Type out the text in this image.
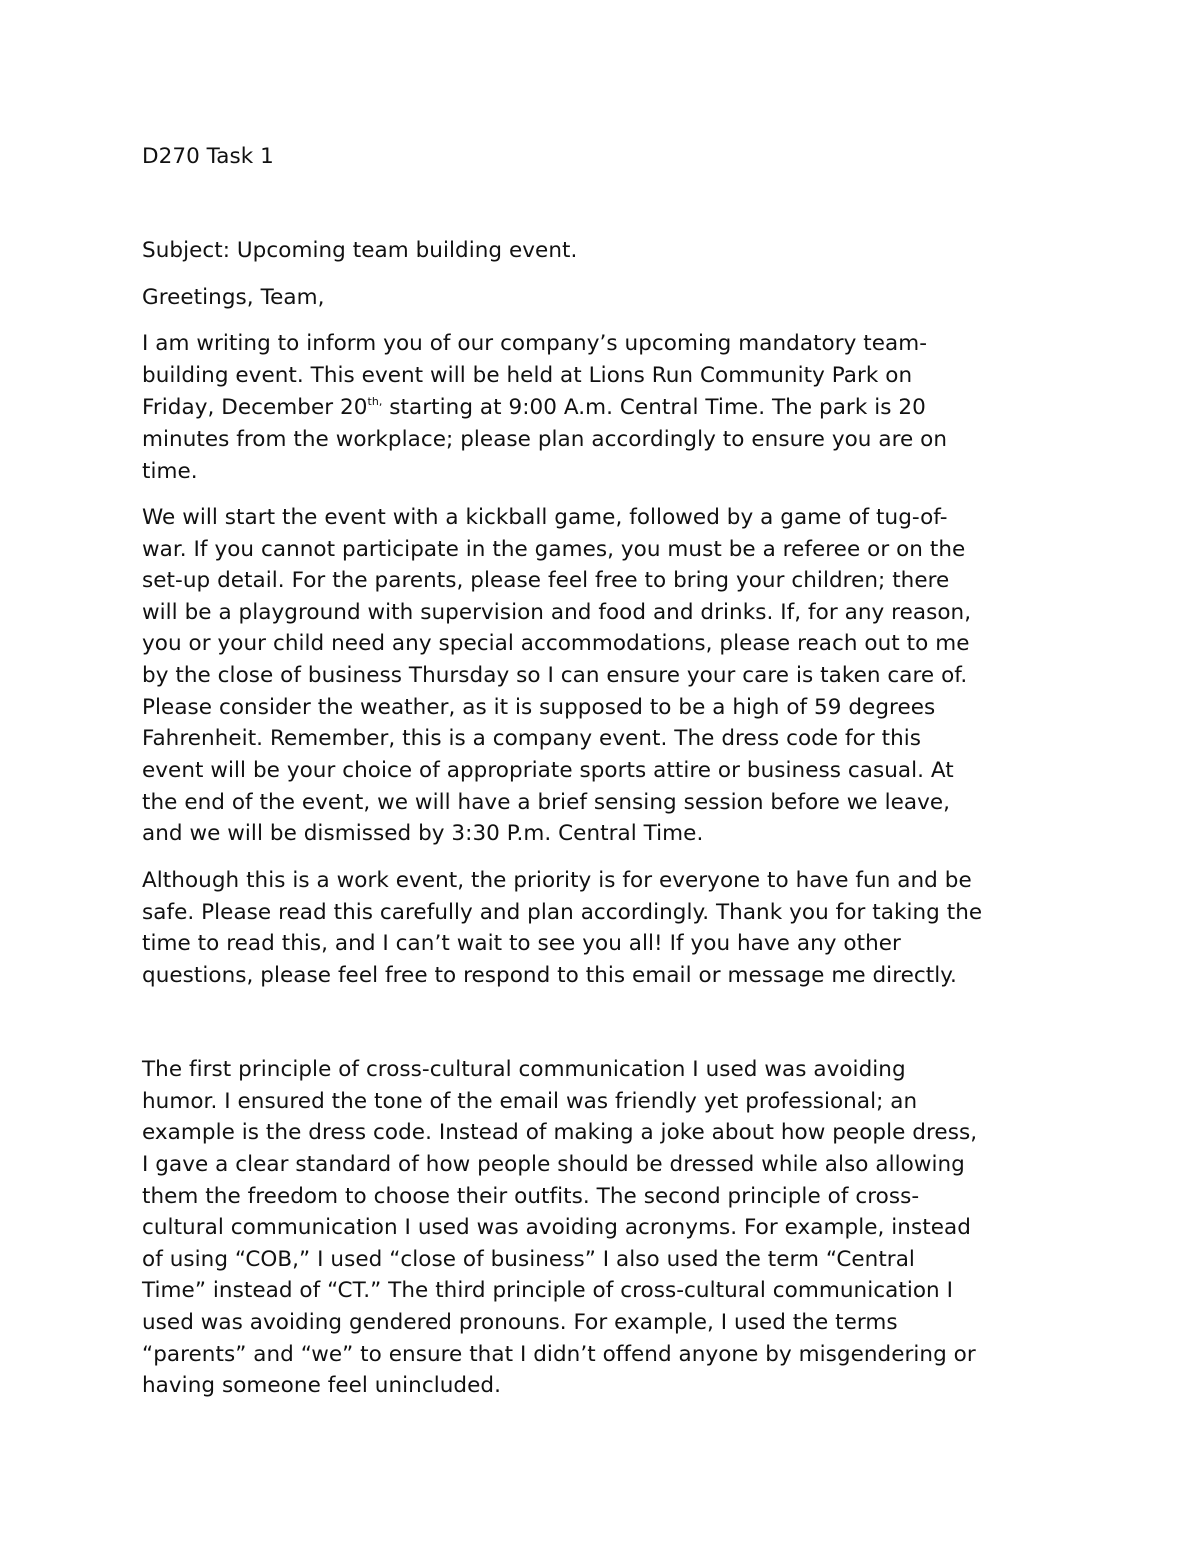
D270 Task 1
Subject: Upcoming team building event.
Greetings, Team,
I am writing to inform you of our company’s upcoming mandatory team-
building event. This event will be held at Lions Run Community Park on
Friday, December $20^{th,}$ starting at 9:00 A.m. Central Time. The park is 20
minutes from the workplace; please plan accordingly to ensure you are on
time.
We will start the event with a kickball game, followed by a game of tug-of-
war. If you cannot participate in the games, you must be a referee or on the
set-up detail. For the parents, please feel free to bring your children; there
will be a playground with supervision and food and drinks. If, for any reason,
you or your child need any special accommodations, please reach out to me
by the close of business Thursday so I can ensure your care is taken care of.
Please consider the weather, as it is supposed to be a high of 59 degrees
Fahrenheit. Remember, this is a company event. The dress code for this
event will be your choice of appropriate sports attire or business casual. At
the end of the event, we will have a brief sensing session before we leave,
and we will be dismissed by 3:30 P.m. Central Time.
Although this is a work event, the priority is for everyone to have fun and be
safe. Please read this carefully and plan accordingly. Thank you for taking the
time to read this, and I can’t wait to see you all! If you have any other
questions, please feel free to respond to this email or message me directly.
The first principle of cross-cultural communication I used was avoiding
humor. I ensured the tone of the email was friendly yet professional; an
example is the dress code. Instead of making a joke about how people dress,
I gave a clear standard of how people should be dressed while also allowing
them the freedom to choose their outfits. The second principle of cross-
cultural communication I used was avoiding acronyms. For example, instead
of using “COB,” I used “close of business” I also used the term “Central
Time” instead of “CT.” The third principle of cross-cultural communication I
used was avoiding gendered pronouns. For example, I used the terms
“parents” and “we” to ensure that I didn’t offend anyone by misgendering or
having someone feel unincluded.
